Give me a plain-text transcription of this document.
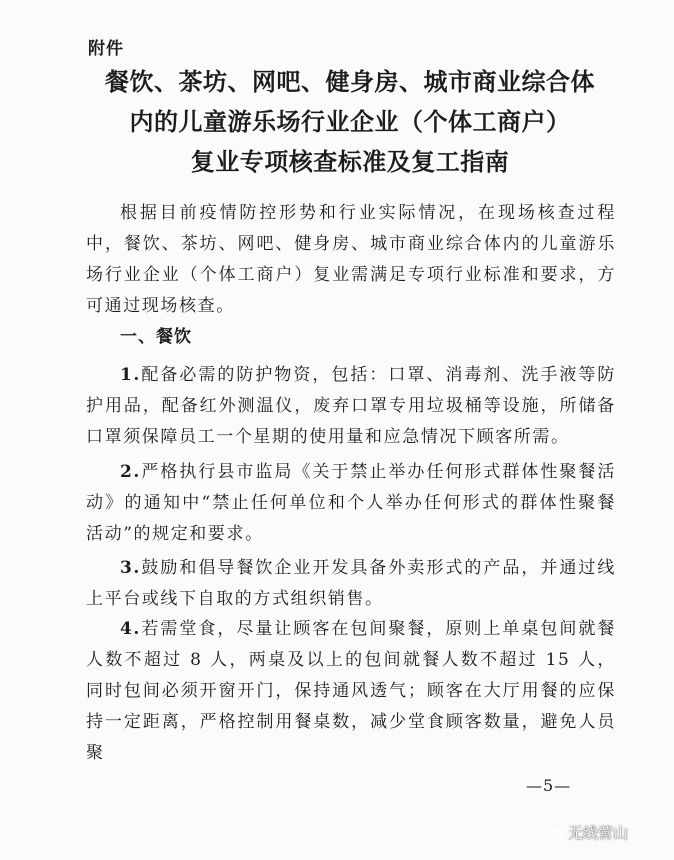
附件
餐饮、茶坊、网吧、健身房、城市商业综合体
内的儿童游乐场行业企业（个体工商户）
复业专项核查标准及复工指南

根据目前疫情防控形势和行业实际情况，在现场核查过程中，餐饮、茶坊、网吧、健身房、城市商业综合体内的儿童游乐场行业企业（个体工商户）复业需满足专项行业标准和要求，方可通过现场核查。

一、餐饮

1.配备必需的防护物资，包括：口罩、消毒剂、洗手液等防护用品，配备红外测温仪，废弃口罩专用垃圾桶等设施，所储备口罩须保障员工一个星期的使用量和应急情况下顾客所需。

2.严格执行县市监局《关于禁止举办任何形式群体性聚餐活动》的通知中“禁止任何单位和个人举办任何形式的群体性聚餐活动”的规定和要求。

3.鼓励和倡导餐饮企业开发具备外卖形式的产品，并通过线上平台或线下自取的方式组织销售。

4.若需堂食，尽量让顾客在包间聚餐，原则上单桌包间就餐人数不超过 8 人，两桌及以上的包间就餐人数不超过 15 人，同时包间必须开窗开门，保持通风透气；顾客在大厅用餐的应保持一定距离，严格控制用餐桌数，减少堂食顾客数量，避免人员聚

—5—
无线营山
